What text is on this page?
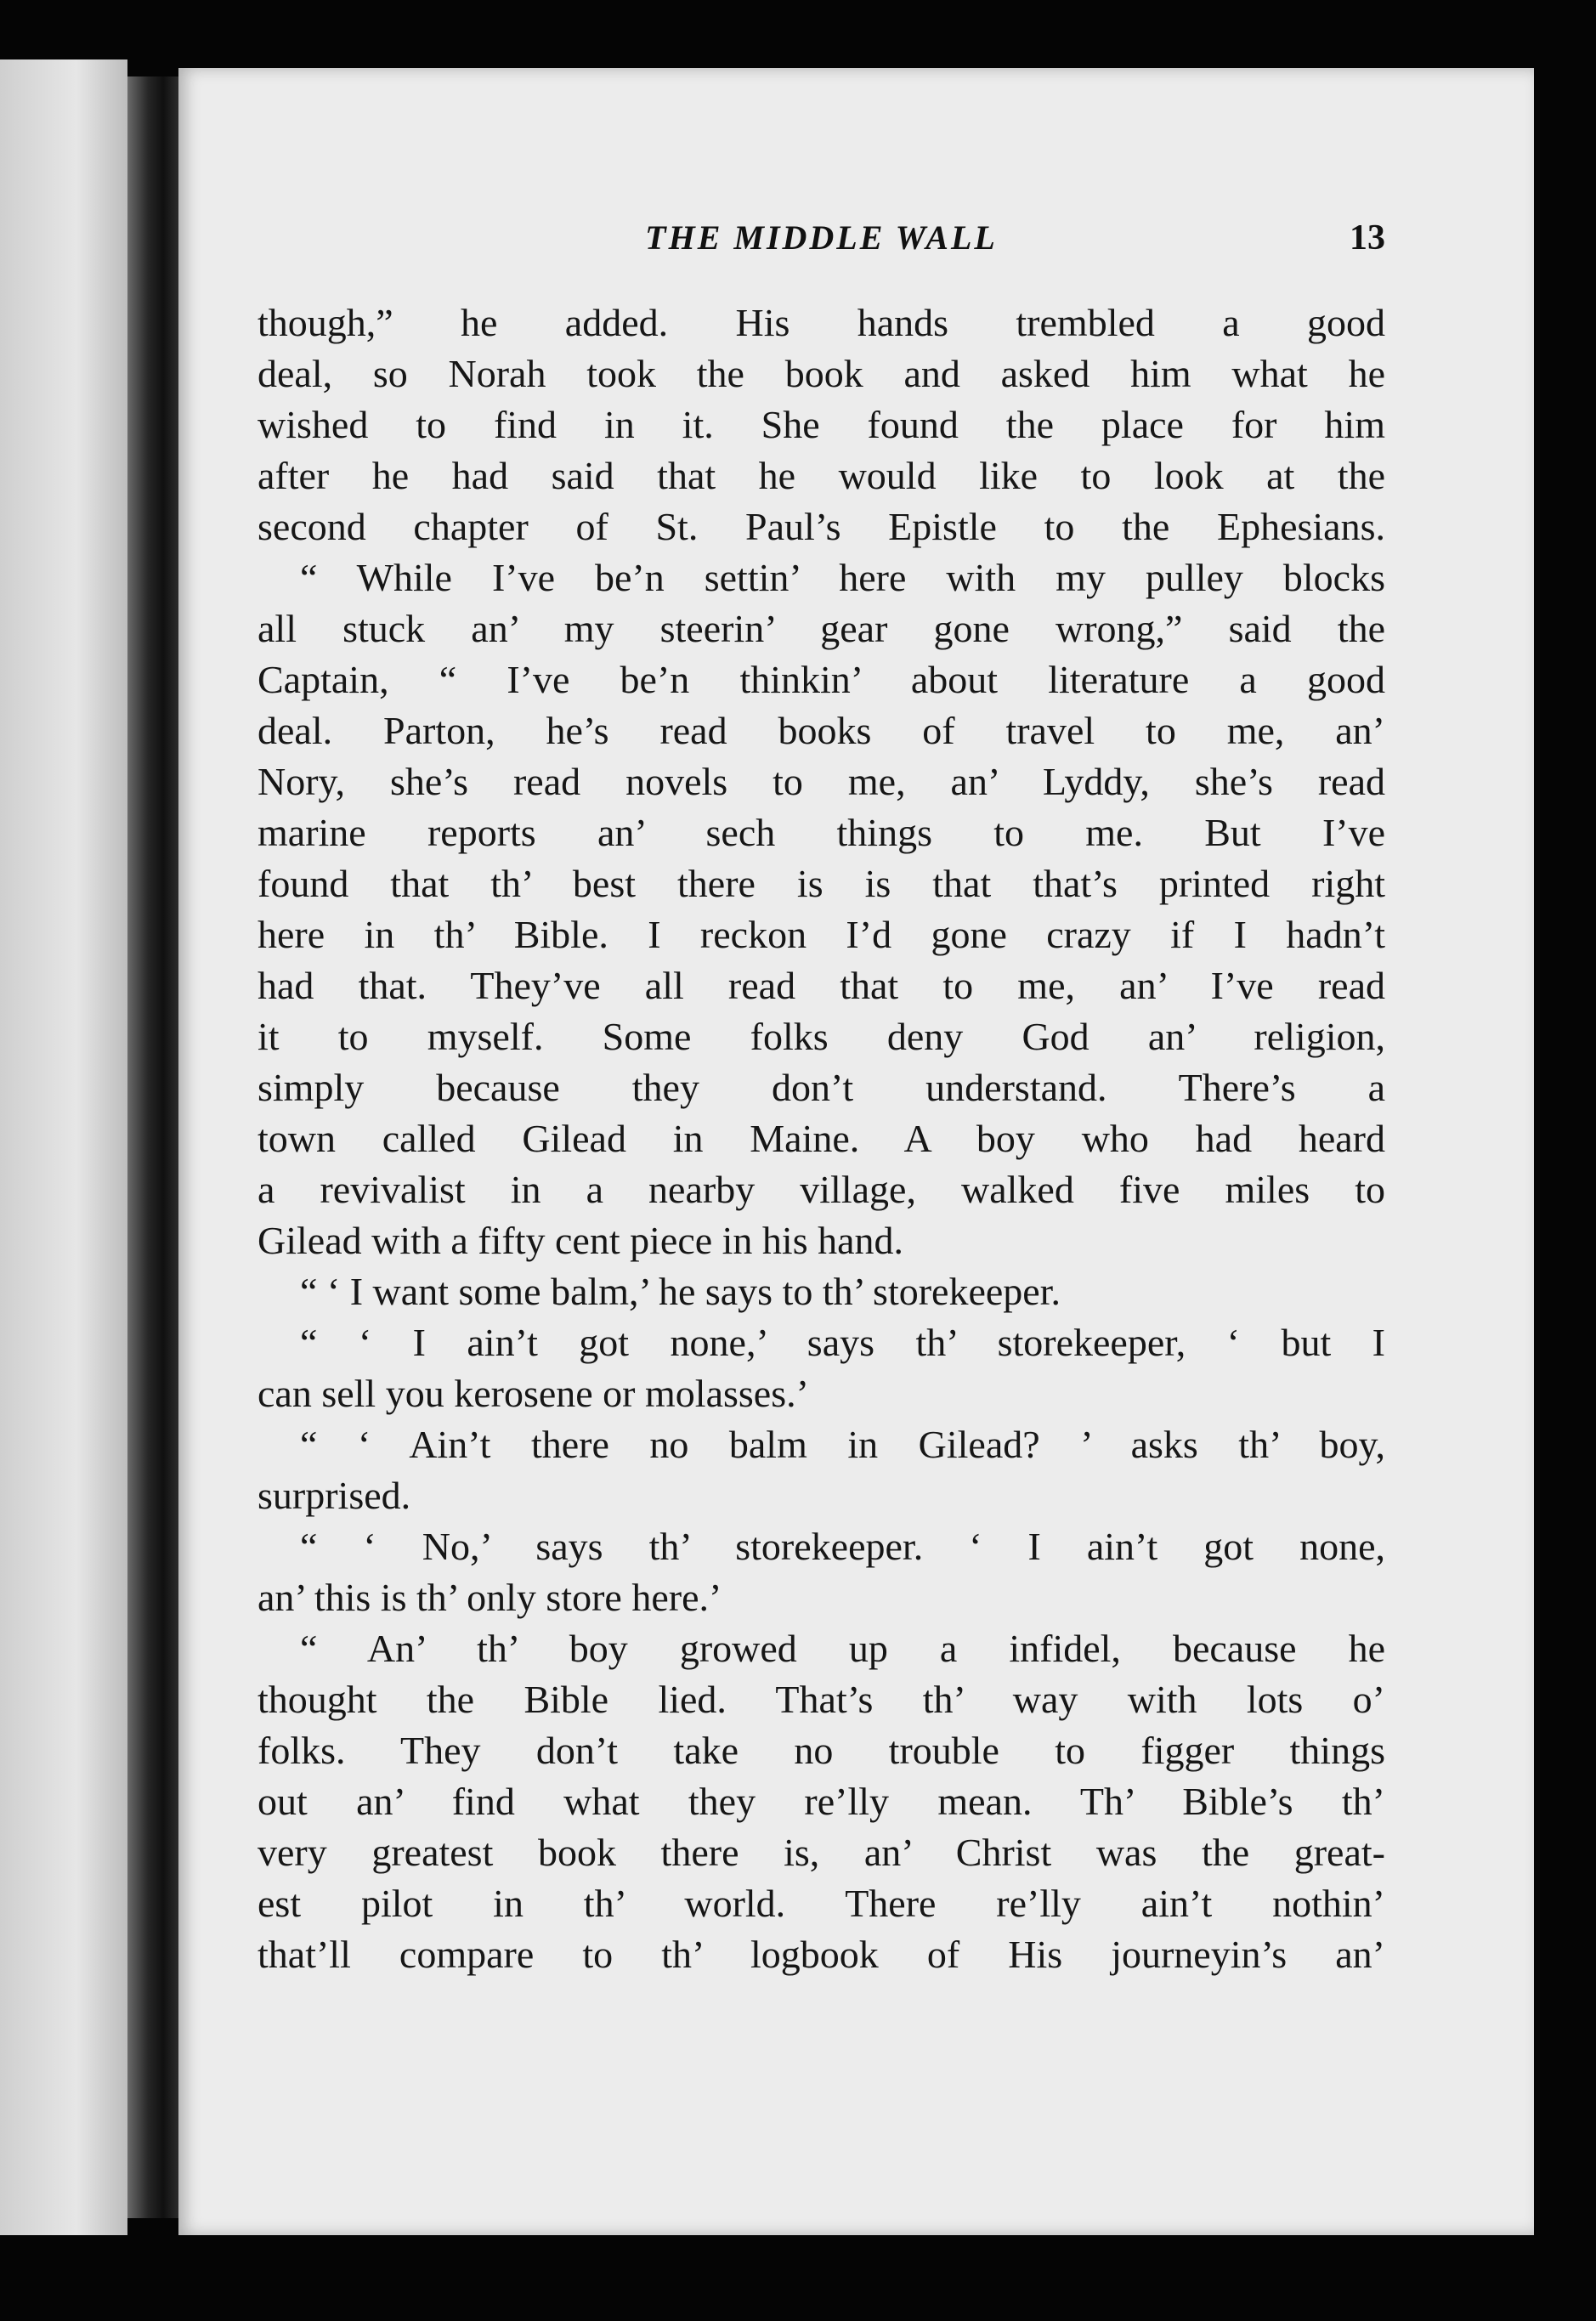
THE MIDDLE WALL	13
though,” he added. His hands trembled a good
deal, so Norah took the book and asked him what he
wished to find in it. She found the place for him
after he had said that he would like to look at the
second chapter of St. Paul’s Epistle to the Ephesians.
“ While I’ve be’n settin’ here with my pulley blocks
all stuck an’ my steerin’ gear gone wrong,” said the
Captain, “ I’ve be’n thinkin’ about literature a good
deal. Parton, he’s read books of travel to me, an’
Nory, she’s read novels to me, an’ Lyddy, she’s read
marine reports an’ sech things to me. But I’ve
found that th’ best there is is that that’s printed right
here in th’ Bible. I reckon I’d gone crazy if I hadn’t
had that. They’ve all read that to me, an’ I’ve read
it to myself. Some folks deny God an’ religion,
simply because they don’t understand. There’s a
town called Gilead in Maine. A boy who had heard
a revivalist in a nearby village, walked five miles to
Gilead with a fifty cent piece in his hand.
“ ‘ I want some balm,’ he says to th’ storekeeper.
“ ‘ I ain’t got none,’ says th’ storekeeper, ‘ but I
can sell you kerosene or molasses.’
“ ‘ Ain’t there no balm in Gilead? ’ asks th’ boy,
surprised.
“ ‘ No,’ says th’ storekeeper. ‘ I ain’t got none,
an’ this is th’ only store here.’
“ An’ th’ boy growed up a infidel, because he
thought the Bible lied. That’s th’ way with lots o’
folks. They don’t take no trouble to figger things
out an’ find what they re’lly mean. Th’ Bible’s th’
very greatest book there is, an’ Christ was the great-
est pilot in th’ world. There re’lly ain’t nothin’
that’ll compare to th’ logbook of His journeyin’s an’
